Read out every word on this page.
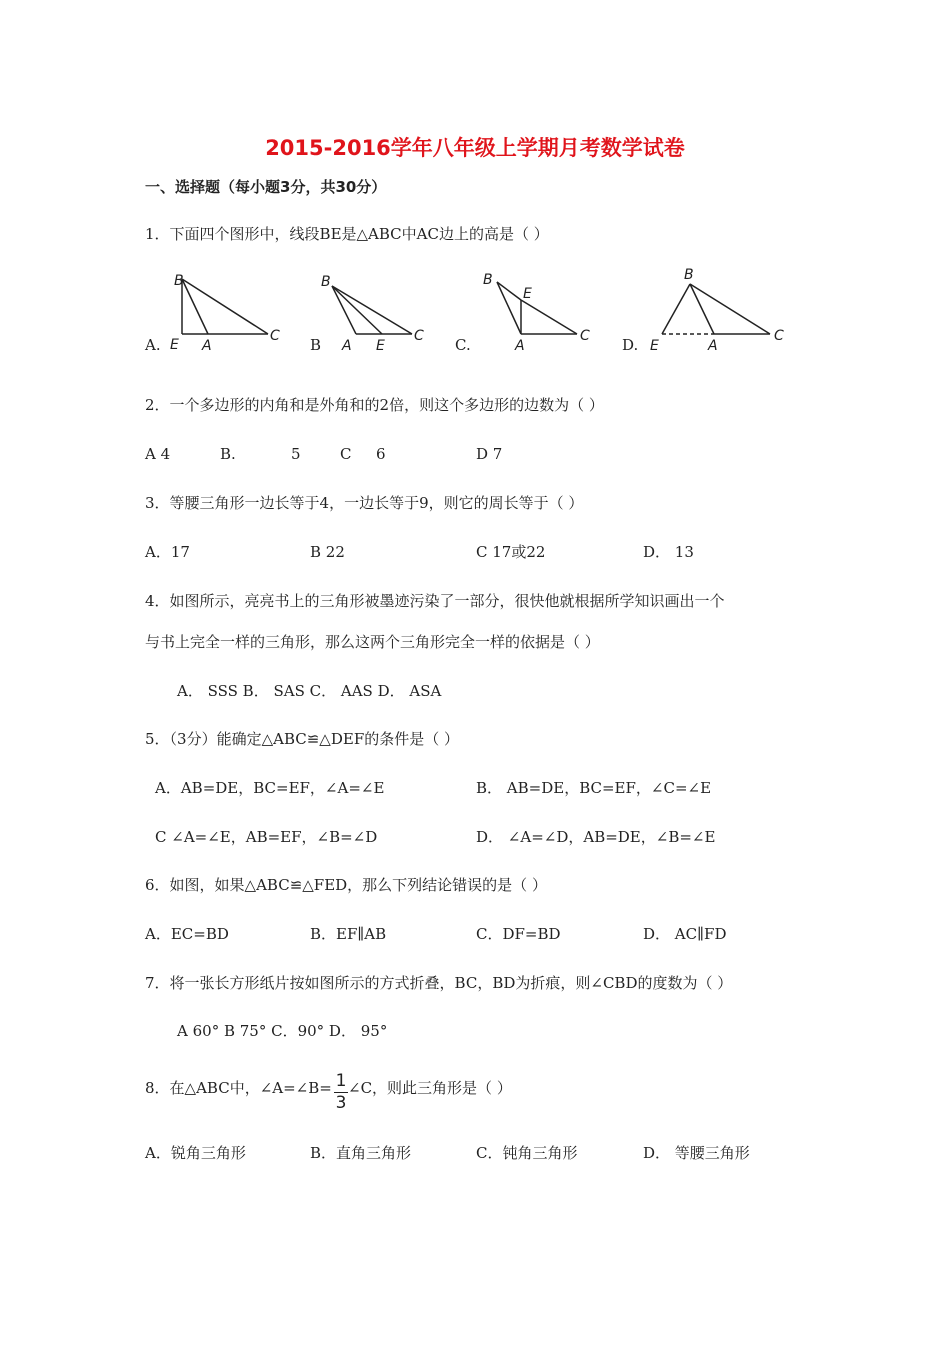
2015-2016学年八年级上学期月考数学试卷
一、选择题（每小题3分，共30分）
1．下面四个图形中，线段BE是△ABC中AC边上的高是（ ）
B
E A
C
B
A E
C
B
E
A
C
B
E	A
C
A.	B	C.	D.
2．一个多边形的内角和是外角和的2倍，则这个多边形的边数为（ ）
A 4	B.	5	C 6	D 7
3．等腰三角形一边长等于4，一边长等于9，则它的周长等于（ ）
A．17	B 22	C 17或22	D． 13
4．如图所示，亮亮书上的三角形被墨迹污染了一部分，很快他就根据所学知识画出一个
与书上完全一样的三角形，那么这两个三角形完全一样的依据是（ ）
A． SSS B． SAS C． AAS D． ASA
5．（3分）能确定△ABC≌△DEF的条件是（ ）
A．AB=DE，BC=EF，∠A=∠E	B． AB=DE，BC=EF，∠C=∠E
C ∠A=∠E，AB=EF，∠B=∠D	D． ∠A=∠D，AB=DE，∠B=∠E
6．如图，如果△ABC≌△FED，那么下列结论错误的是（ ）
A．EC=BD	B．EF∥AB	C．DF=BD	D． AC∥FD
7．将一张长方形纸片按如图所示的方式折叠，BC，BD为折痕，则∠CBD的度数为（ ）
A 60° B 75° C．90° D． 95°
8．在△ABC中，∠A=∠B= 1
3
∠C，则此三角形是（ ）
A．锐角三角形	B．直角三角形	C．钝角三角形	D． 等腰三角形
